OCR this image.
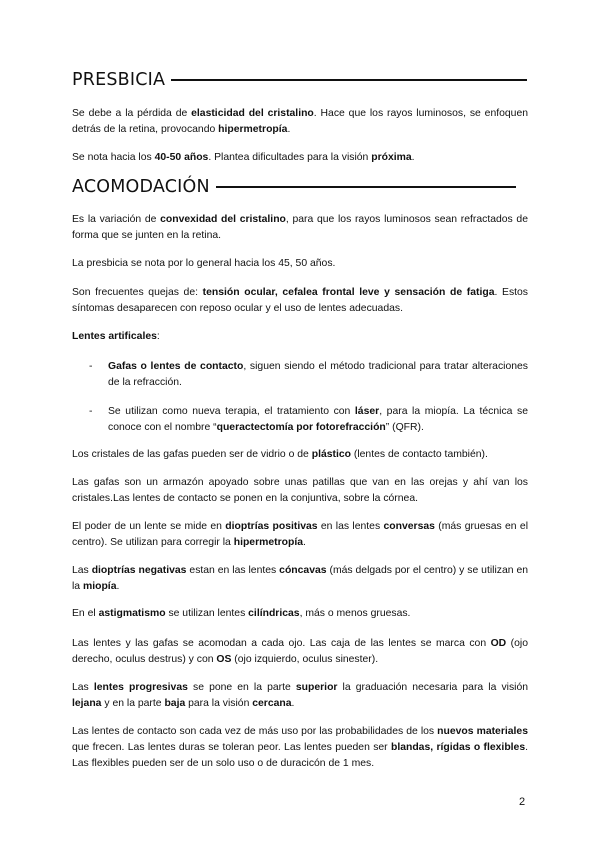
PRESBICIA
Se debe a la pérdida de elasticidad del cristalino. Hace que los rayos luminosos, se enfoquen detrás de la retina, provocando hipermetropía.
Se nota hacia los 40-50 años. Plantea dificultades para la visión próxima.
ACOMODACIÓN
Es la variación de convexidad del cristalino, para que los rayos luminosos sean refractados de forma que se junten en la retina.
La presbicia se nota por lo general hacia los 45, 50 años.
Son frecuentes quejas de: tensión ocular, cefalea frontal leve y sensación de fatiga. Estos síntomas desaparecen con reposo ocular y el uso de lentes adecuadas.
Lentes artificales:
- Gafas o lentes de contacto, siguen siendo el método tradicional para tratar alteraciones de la refracción.
- Se utilizan como nueva terapia, el tratamiento con láser, para la miopía. La técnica se conoce con el nombre “queractectomía por fotorefracción” (QFR).
Los cristales de las gafas pueden ser de vidrio o de plástico (lentes de contacto también).
Las gafas son un armazón apoyado sobre unas patillas que van en las orejas y ahí van los cristales.Las lentes de contacto se ponen en la conjuntiva, sobre la córnea.
El poder de un lente se mide en dioptrías positivas en las lentes conversas (más gruesas en el centro). Se utilizan para corregir la hipermetropía.
Las dioptrías negativas estan en las lentes cóncavas (más delgads por el centro) y se utilizan en la miopía.
En el astigmatismo se utilizan lentes cilíndricas, más o menos gruesas.
Las lentes y las gafas se acomodan a cada ojo. Las caja de las lentes se marca con OD (ojo derecho, oculus destrus) y con OS (ojo izquierdo, oculus sinester).
Las lentes progresivas se pone en la parte superior la graduación necesaria para la visión lejana y en la parte baja para la visión cercana.
Las lentes de contacto son cada vez de más uso por las probabilidades de los nuevos materiales que frecen. Las lentes duras se toleran peor. Las lentes pueden ser blandas, rígidas o flexibles. Las flexibles pueden ser de un solo uso o de duracicón de 1 mes.
2
